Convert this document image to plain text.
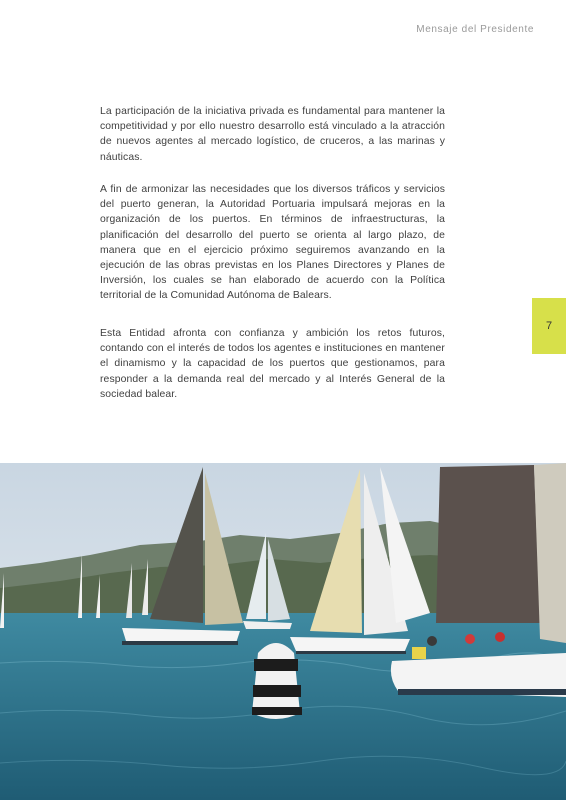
Mensaje del Presidente

La participación de la iniciativa privada es fundamental para mantener la competitividad y por ello nuestro desarrollo está vinculado a la atracción de nuevos agentes al mercado logístico, de cruceros, a las marinas y náuticas.

A fin de armonizar las necesidades que los diversos tráficos y servicios del puerto generan, la Autoridad Portuaria impulsará mejoras en la organización de los puertos. En términos de infraestructuras, la planificación del desarrollo del puerto se orienta al largo plazo, de manera que en el ejercicio próximo seguiremos avanzando en la ejecución de las obras previstas en los Planes Directores y Planes de Inversión, los cuales se han elaborado de acuerdo con la Política territorial de la Comunidad Autónoma de Balears.

Esta Entidad afronta con confianza y ambición los retos futuros, contando con el interés de todos los agentes e instituciones en mantener el dinamismo y la capacidad de los puertos que gestionamos, para responder a la demanda real del mercado y al Interés General de la sociedad balear.

7
